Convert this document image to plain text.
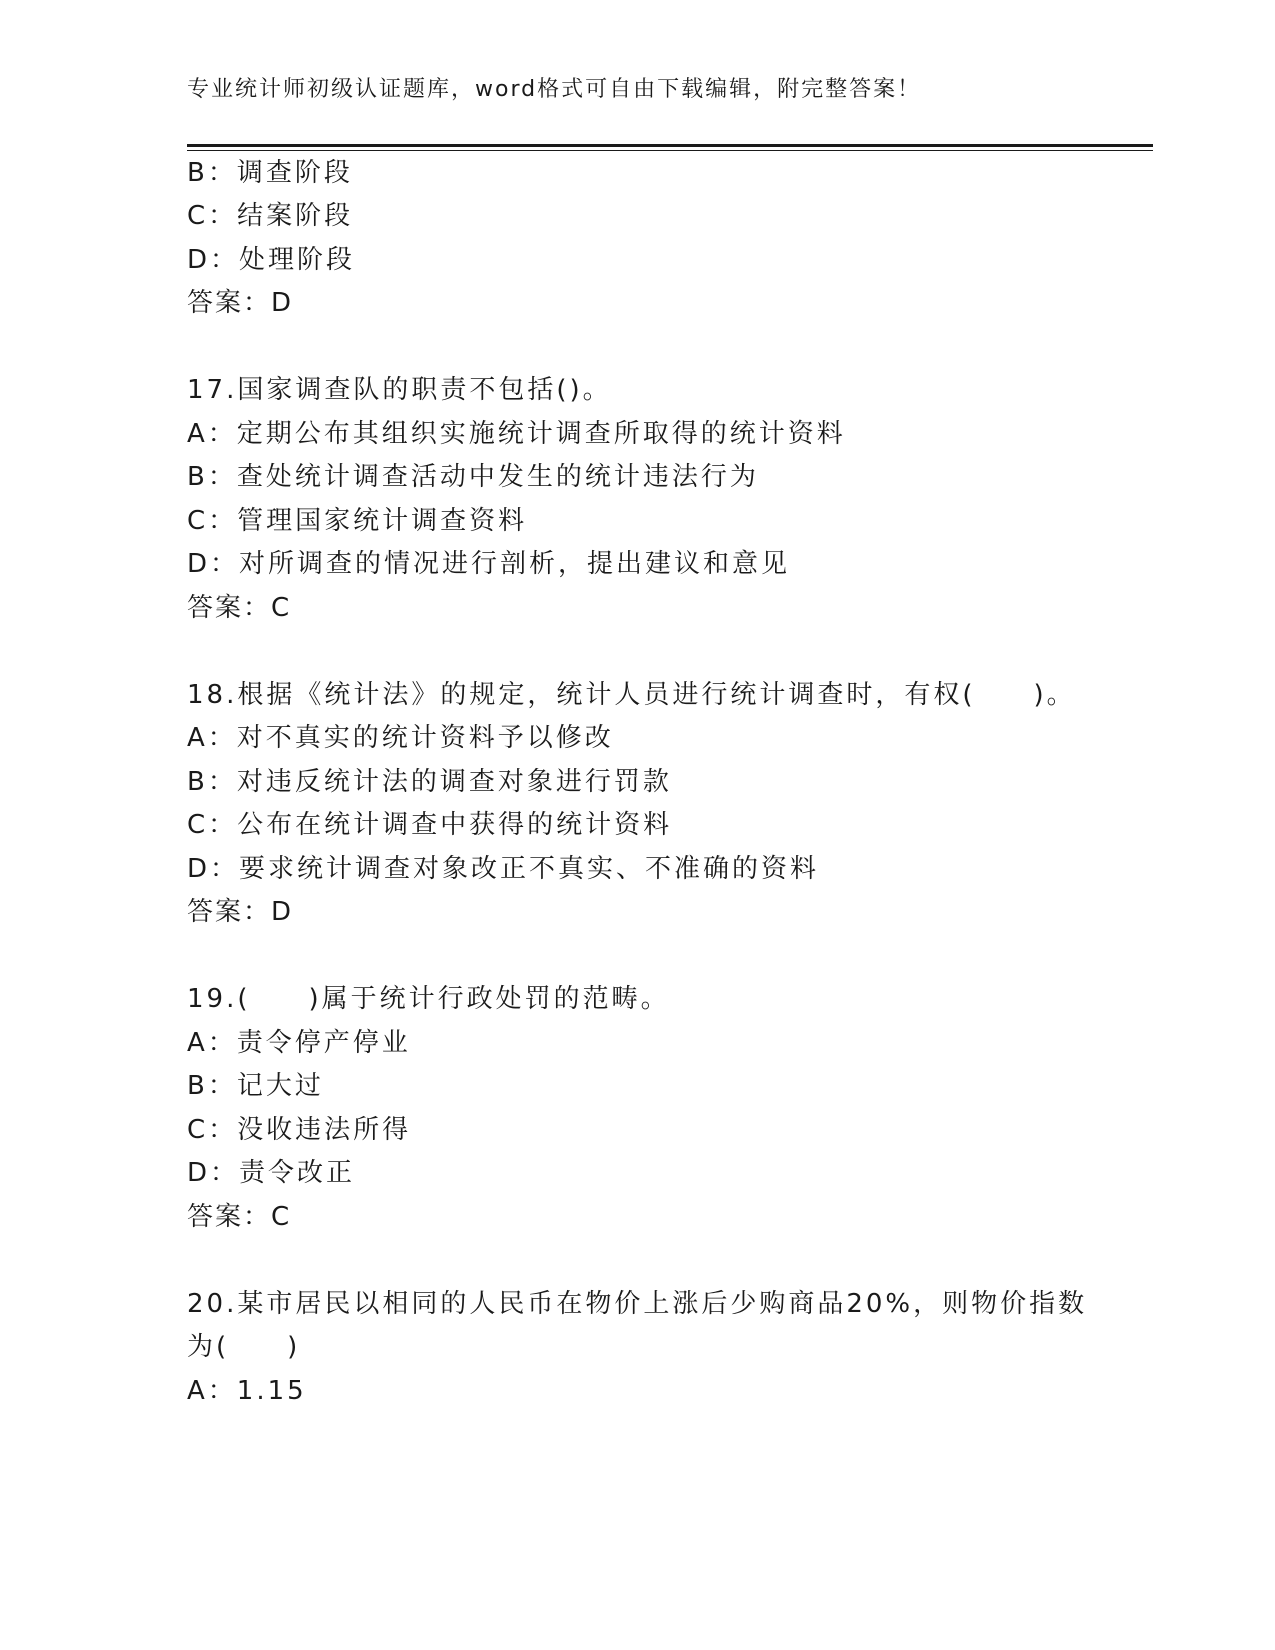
专业统计师初级认证题库，word格式可自由下载编辑，附完整答案！
B：调查阶段
C：结案阶段
D：处理阶段
答案：D
17.国家调查队的职责不包括()。
A：定期公布其组织实施统计调查所取得的统计资料
B：查处统计调查活动中发生的统计违法行为
C：管理国家统计调查资料
D：对所调查的情况进行剖析，提出建议和意见
答案：C
18.根据《统计法》的规定，统计人员进行统计调查时，有权(　　)。
A：对不真实的统计资料予以修改
B：对违反统计法的调查对象进行罚款
C：公布在统计调查中获得的统计资料
D：要求统计调查对象改正不真实、不准确的资料
答案：D
19.(　　)属于统计行政处罚的范畴。
A：责令停产停业
B：记大过
C：没收违法所得
D：责令改正
答案：C
20.某市居民以相同的人民币在物价上涨后少购商品20%，则物价指数
为(　　)
A：1.15
